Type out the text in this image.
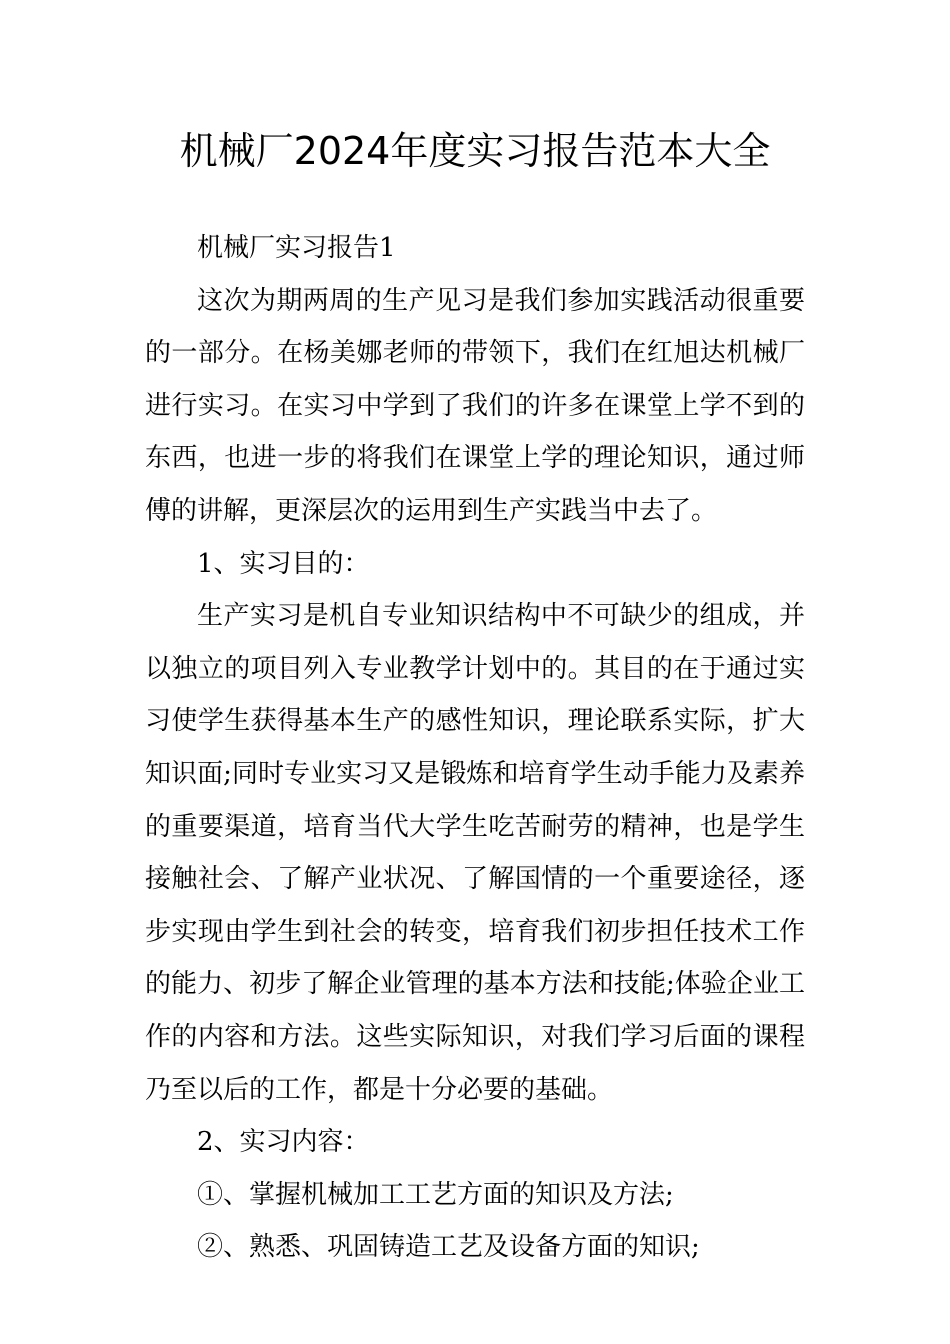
机械厂2024年度实习报告范本大全

机械厂实习报告1

这次为期两周的生产见习是我们参加实践活动很重要的一部分。在杨美娜老师的带领下，我们在红旭达机械厂进行实习。在实习中学到了我们的许多在课堂上学不到的东西，也进一步的将我们在课堂上学的理论知识，通过师傅的讲解，更深层次的运用到生产实践当中去了。

1、实习目的：

生产实习是机自专业知识结构中不可缺少的组成，并以独立的项目列入专业教学计划中的。其目的在于通过实习使学生获得基本生产的感性知识，理论联系实际，扩大知识面;同时专业实习又是锻炼和培育学生动手能力及素养的重要渠道，培育当代大学生吃苦耐劳的精神，也是学生接触社会、了解产业状况、了解国情的一个重要途径，逐步实现由学生到社会的转变，培育我们初步担任技术工作的能力、初步了解企业管理的基本方法和技能;体验企业工作的内容和方法。这些实际知识，对我们学习后面的课程乃至以后的工作，都是十分必要的基础。

2、实习内容：

①、掌握机械加工工艺方面的知识及方法;

②、熟悉、巩固铸造工艺及设备方面的知识;
